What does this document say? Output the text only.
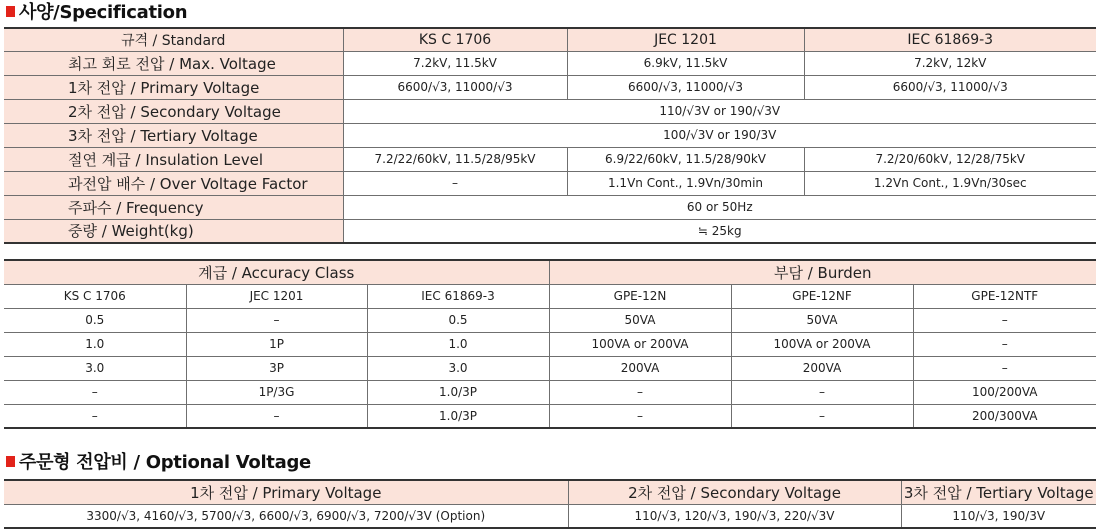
사양/Specification
규격 / Standard	KS C 1706	JEC 1201	IEC 61869-3
최고 회로 전압 / Max. Voltage	7.2kV, 11.5kV	6.9kV, 11.5kV	7.2kV, 12kV
1차 전압 / Primary Voltage	6600/√3, 11000/√3	6600/√3, 11000/√3	6600/√3, 11000/√3
2차 전압 / Secondary Voltage	110/√3V or 190/√3V		
3차 전압 / Tertiary Voltage	100/√3V or 190/3V		
절연 계급 / Insulation Level	7.2/22/60kV, 11.5/28/95kV	6.9/22/60kV, 11.5/28/90kV	7.2/20/60kV, 12/28/75kV
과전압 배수 / Over Voltage Factor	–	1.1Vn Cont., 1.9Vn/30min	1.2Vn Cont., 1.9Vn/30sec
주파수 / Frequency	60 or 50Hz		
중량 / Weight(kg)	≒ 25kg		
계급 / Accuracy Class			부담 / Burden		
KS C 1706	JEC 1201	IEC 61869-3	GPE-12N	GPE-12NF	GPE-12NTF
0.5	–	0.5	50VA	50VA	–
1.0	1P	1.0	100VA or 200VA	100VA or 200VA	–
3.0	3P	3.0	200VA	200VA	–
–	1P/3G	1.0/3P	–	–	100/200VA
–	–	1.0/3P	–	–	200/300VA
주문형 전압비 / Optional Voltage
1차 전압 / Primary Voltage	2차 전압 / Secondary Voltage	3차 전압 / Tertiary Voltage
3300/√3, 4160/√3, 5700/√3, 6600/√3, 6900/√3, 7200/√3V (Option)	110/√3, 120/√3, 190/√3, 220/√3V	110/√3, 190/3V
